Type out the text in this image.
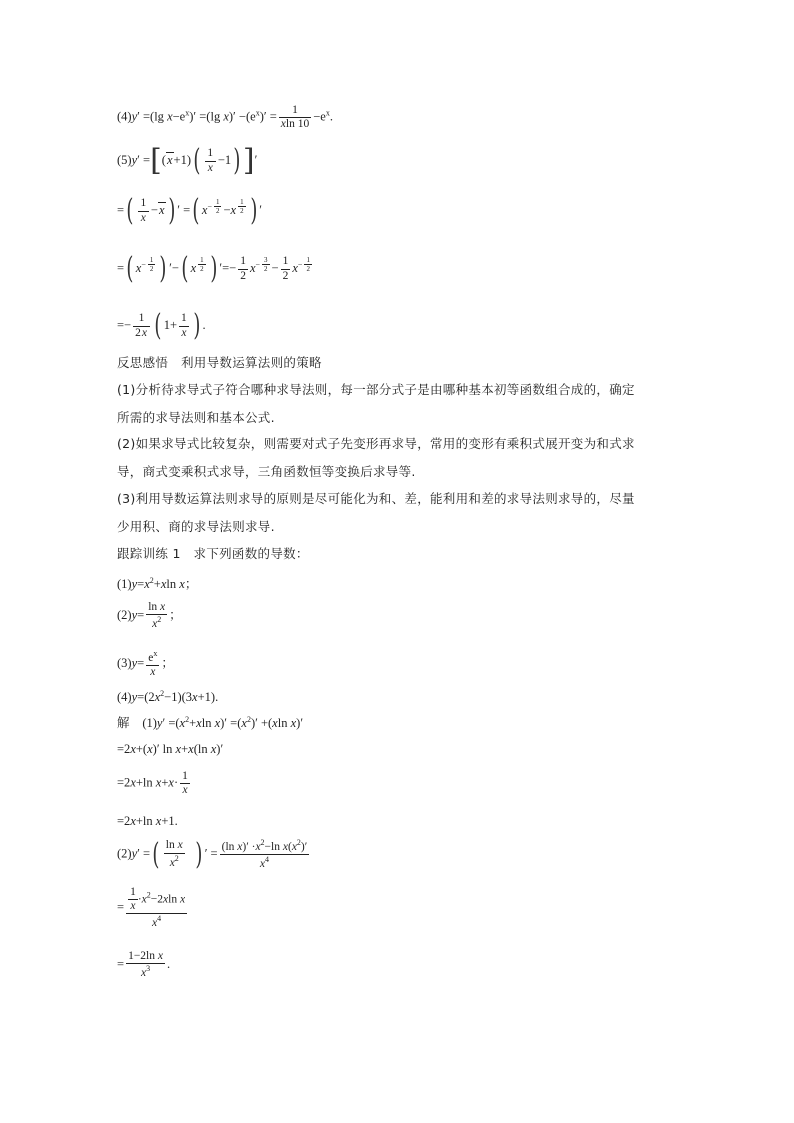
(4)y′ =(lg $x-e^x)' =(\lg$ $x)' -(e^x)' = \frac{1}{xln 10} -e^x$.
$(5)y' =[(x+1)( \frac{1}{x} -1)]'$
=( $\frac{1}{x} -x$ ) ′ =( $x^{- \frac{1}{2}} -x$ $^{\frac{1}{2}}$ ) ′
=( $x^{- \frac{1}{2}}$ ) ′−( x $^{\frac{1}{2}}$ ) ′=− $\frac{1}{2} x^{- \frac{3}{2}} - \frac{1}{2} x^{- \frac{1}{2}}$
=− $\frac{1}{2x}$ ( $1+ \frac{1}{x}$ ) .
反思感悟　利用导数运算法则的策略
(1)分析待求导式子符合哪种求导法则，每一部分式子是由哪种基本初等函数组合成的，确定
所需的求导法则和基本公式.
(2)如果求导式比较复杂，则需要对式子先变形再求导，常用的变形有乘积式展开变为和式求
导，商式变乘积式求导，三角函数恒等变换后求导等.
(3)利用导数运算法则求导的原则是尽可能化为和、差，能利用和差的求导法则求导的，尽量
少用积、商的求导法则求导.
跟踪训练 1　求下列函数的导数：
$(1)y=x^2+xln$ x；
$(2)y= \frac{\text{ln x}}{x^2}$ ；
$(3)y= \frac{e^x}{x}$ ；
$(4)y=(2x^2-1)(3x+1)$.
解　$(1)y' =(x^2+xln$ $x)' =(x^2)' +(xln$ x)′
=2x+(x)′ ln x+x(ln x)′
=2x+ln $x+x\cdot \frac{1}{x}$
=2x+ln x+1.
(2)y′ =( $\frac{\text{ln x}}{x^2}$ ) ′ = $\frac{(\ln x)' \cdot x^2-\ln x(x^2)'}{x^4}$
= $\frac{\frac{1}{x} \cdot x^2-2xln x}{x^4}$
= $\frac{\text{1−2ln x}}{x^3}$ .
